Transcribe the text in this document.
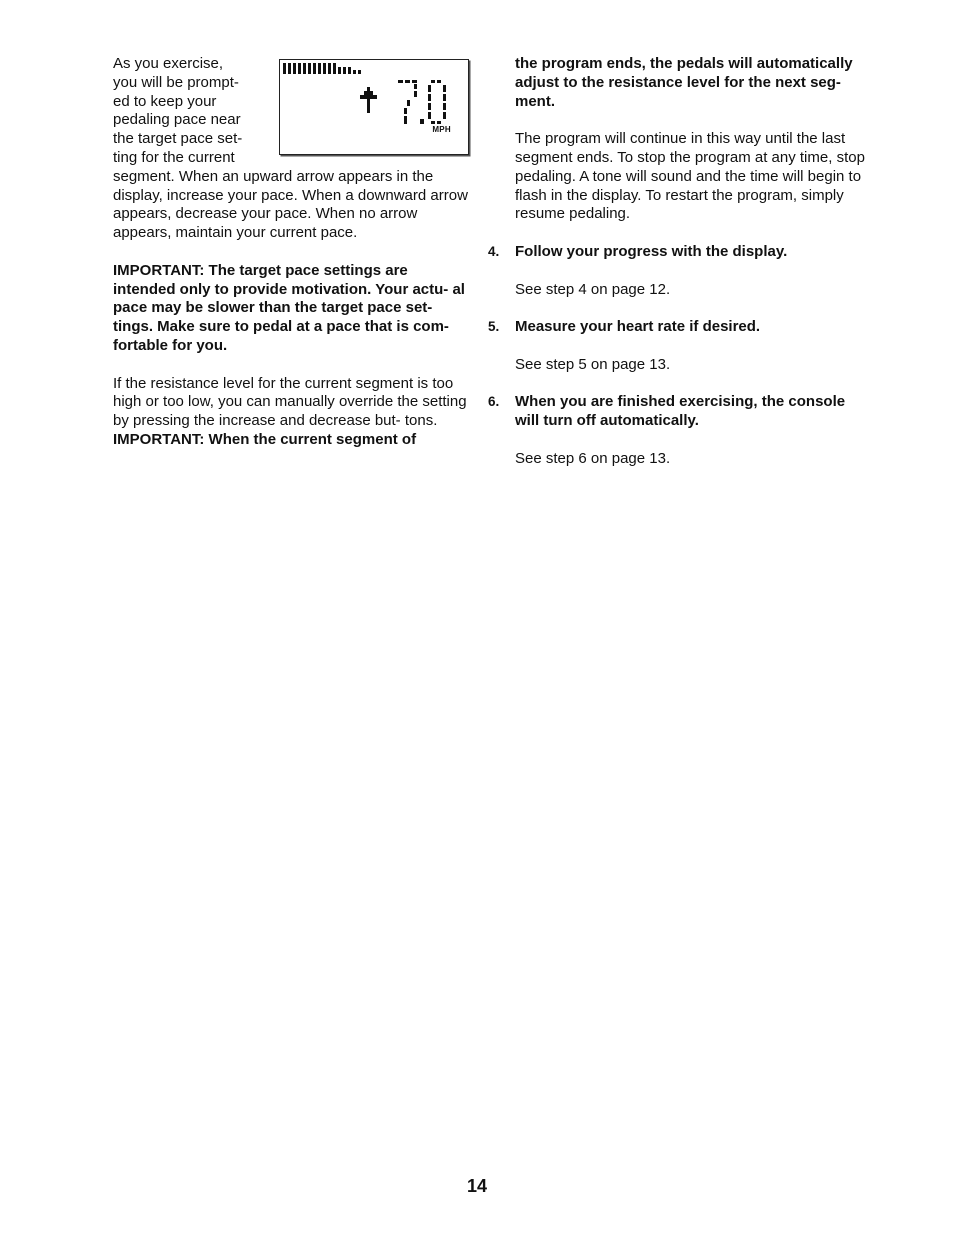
MPH

As you exercise,
you will be prompt-
ed to keep your
pedaling pace near
the target pace set-
ting for the current
segment. When an upward arrow appears in the display, increase your pace. When a downward arrow appears, decrease your pace. When no arrow appears, maintain your current pace.

IMPORTANT: The target pace settings are intended only to provide motivation. Your actu- al pace may be slower than the target pace set- tings. Make sure to pedal at a pace that is com- fortable for you.

If the resistance level for the current segment is too high or too low, you can manually override the setting by pressing the increase and decrease but- tons. IMPORTANT: When the current segment of

the program ends, the pedals will automatically adjust to the resistance level for the next seg- ment.

The program will continue in this way until the last segment ends. To stop the program at any time, stop pedaling. A tone will sound and the time will begin to flash in the display. To restart the program, simply resume pedaling.

4. Follow your progress with the display.

See step 4 on page 12.

5. Measure your heart rate if desired.

See step 5 on page 13.

6. When you are finished exercising, the console will turn off automatically.

See step 6 on page 13.

14
